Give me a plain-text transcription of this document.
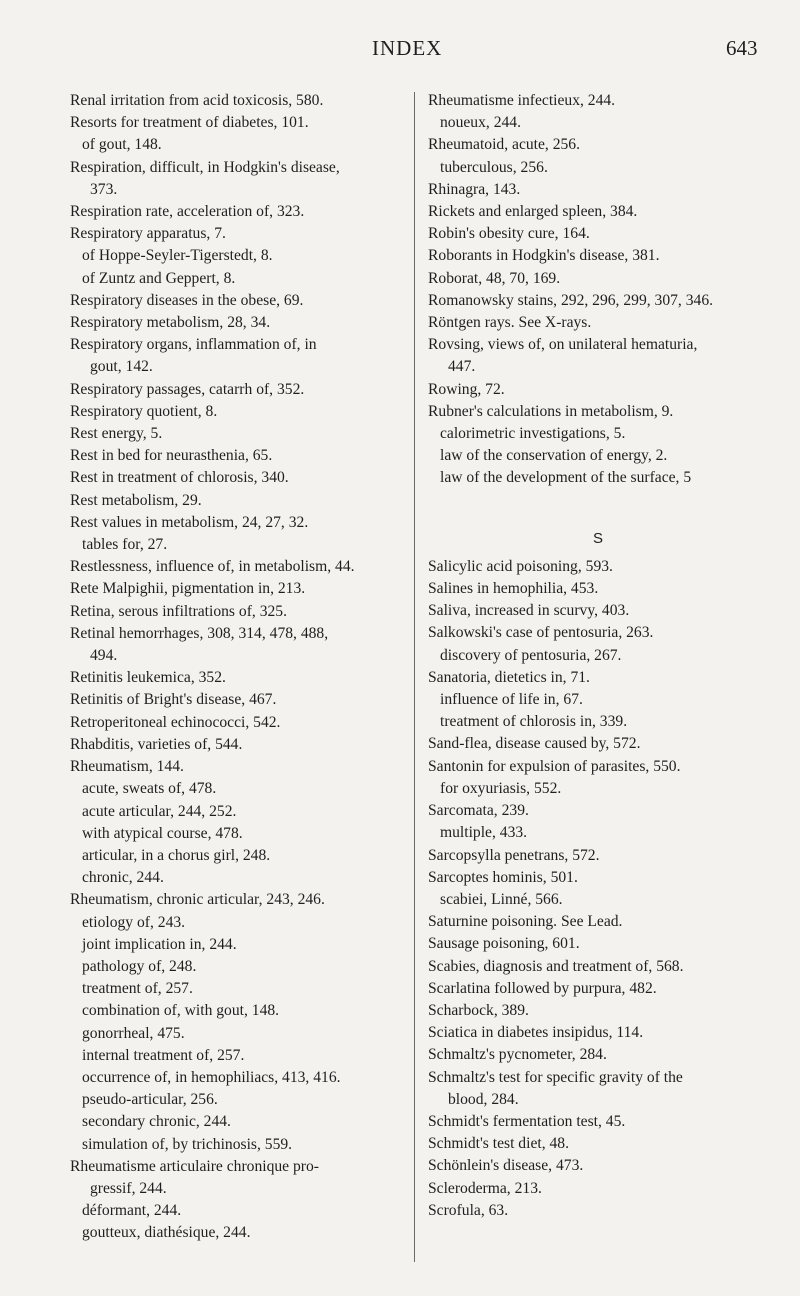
INDEX	643
Renal irritation from acid toxicosis, 580.
Resorts for treatment of diabetes, 101.
of gout, 148.
Respiration, difficult, in Hodgkin's disease,
373.
Respiration rate, acceleration of, 323.
Respiratory apparatus, 7.
of Hoppe-Seyler-Tigerstedt, 8.
of Zuntz and Geppert, 8.
Respiratory diseases in the obese, 69.
Respiratory metabolism, 28, 34.
Respiratory organs, inflammation of, in
gout, 142.
Respiratory passages, catarrh of, 352.
Respiratory quotient, 8.
Rest energy, 5.
Rest in bed for neurasthenia, 65.
Rest in treatment of chlorosis, 340.
Rest metabolism, 29.
Rest values in metabolism, 24, 27, 32.
tables for, 27.
Restlessness, influence of, in metabolism, 44.
Rete Malpighii, pigmentation in, 213.
Retina, serous infiltrations of, 325.
Retinal hemorrhages, 308, 314, 478, 488,
494.
Retinitis leukemica, 352.
Retinitis of Bright's disease, 467.
Retroperitoneal echinococci, 542.
Rhabditis, varieties of, 544.
Rheumatism, 144.
acute, sweats of, 478.
acute articular, 244, 252.
with atypical course, 478.
articular, in a chorus girl, 248.
chronic, 244.
Rheumatism, chronic articular, 243, 246.
etiology of, 243.
joint implication in, 244.
pathology of, 248.
treatment of, 257.
combination of, with gout, 148.
gonorrheal, 475.
internal treatment of, 257.
occurrence of, in hemophiliacs, 413, 416.
pseudo-articular, 256.
secondary chronic, 244.
simulation of, by trichinosis, 559.
Rheumatisme articulaire chronique pro-
gressif, 244.
déformant, 244.
goutteux, diathésique, 244.
Rheumatisme infectieux, 244.
noueux, 244.
Rheumatoid, acute, 256.
tuberculous, 256.
Rhinagra, 143.
Rickets and enlarged spleen, 384.
Robin's obesity cure, 164.
Roborants in Hodgkin's disease, 381.
Roborat, 48, 70, 169.
Romanowsky stains, 292, 296, 299, 307, 346.
Röntgen rays. See X-rays.
Rovsing, views of, on unilateral hematuria,
447.
Rowing, 72.
Rubner's calculations in metabolism, 9.
calorimetric investigations, 5.
law of the conservation of energy, 2.
law of the development of the surface, 5
S
Salicylic acid poisoning, 593.
Salines in hemophilia, 453.
Saliva, increased in scurvy, 403.
Salkowski's case of pentosuria, 263.
discovery of pentosuria, 267.
Sanatoria, dietetics in, 71.
influence of life in, 67.
treatment of chlorosis in, 339.
Sand-flea, disease caused by, 572.
Santonin for expulsion of parasites, 550.
for oxyuriasis, 552.
Sarcomata, 239.
multiple, 433.
Sarcopsylla penetrans, 572.
Sarcoptes hominis, 501.
scabiei, Linné, 566.
Saturnine poisoning. See Lead.
Sausage poisoning, 601.
Scabies, diagnosis and treatment of, 568.
Scarlatina followed by purpura, 482.
Scharbock, 389.
Sciatica in diabetes insipidus, 114.
Schmaltz's pycnometer, 284.
Schmaltz's test for specific gravity of the
blood, 284.
Schmidt's fermentation test, 45.
Schmidt's test diet, 48.
Schönlein's disease, 473.
Sclerodermа, 213.
Scrofula, 63.
